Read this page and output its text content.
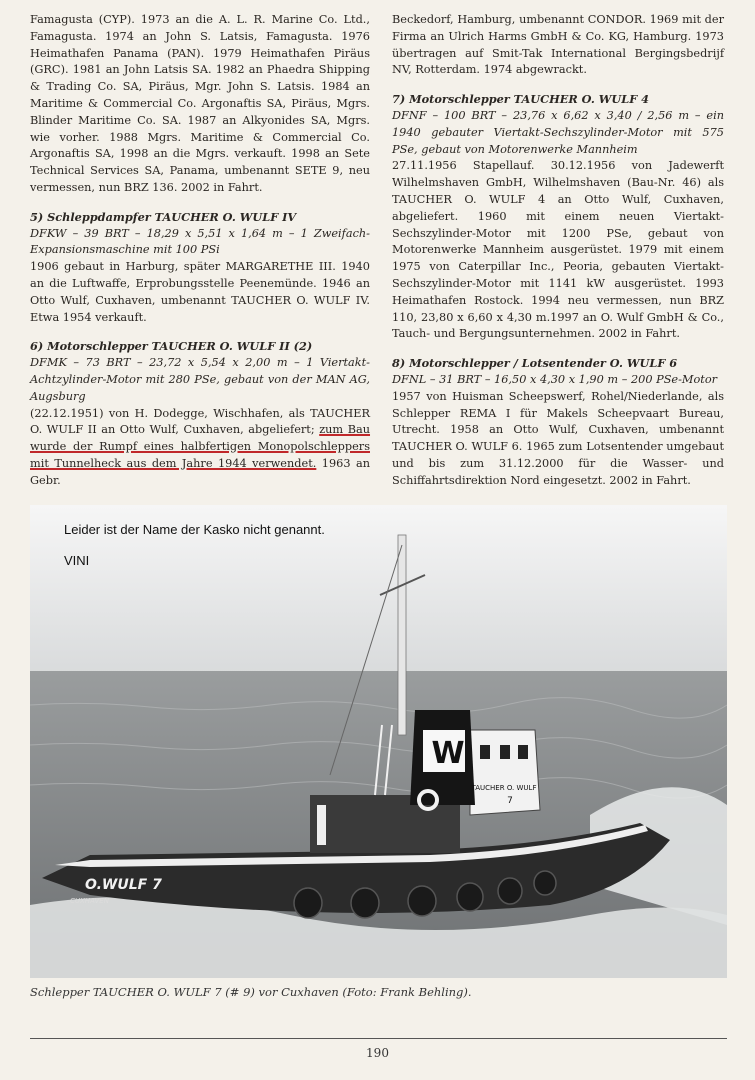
Famagusta (CYP). 1973 an die A. L. R. Marine Co. Ltd., Famagusta. 1974 an John S. Latsis, Famagusta. 1976 Heimathafen Panama (PAN). 1979 Heimathafen Piräus (GRC). 1981 an John Latsis SA. 1982 an Phaedra Shipping & Trading Co. SA, Piräus, Mgr. John S. Latsis. 1984 an Maritime & Commercial Co. Argonaftis SA, Piräus, Mgrs. Blinder Maritime Co. SA. 1987 an Alkyonides SA, Mgrs. wie vorher. 1988 Mgrs. Maritime & Commercial Co. Argonaftis SA, 1998 an die Mgrs. verkauft. 1998 an Sete Technical Services SA, Panama, umbenannt SETE 9, neu vermessen, nun BRZ 136. 2002 in Fahrt.

5) Schleppdampfer TAUCHER O. WULF IV

DFKW – 39 BRT – 18,29 x 5,51 x 1,64 m – 1 Zweifach-Expansionsmaschine mit 100 PSi

1906 gebaut in Harburg, später MARGARETHE III. 1940 an die Luftwaffe, Erprobungsstelle Peenemünde. 1946 an Otto Wulf, Cuxhaven, umbenannt TAUCHER O. WULF IV. Etwa 1954 verkauft.

6) Motorschlepper TAUCHER O. WULF II (2)

DFMK – 73 BRT – 23,72 x 5,54 x 2,00 m – 1 Viertakt-Achtzylinder-Motor mit 280 PSe, gebaut von der MAN AG, Augsburg

(22.12.1951) von H. Dodegge, Wischhafen, als TAUCHER O. WULF II an Otto Wulf, Cuxhaven, abgeliefert; zum Bau wurde der Rumpf eines halbfertigen Monopolschleppers mit Tunnelheck aus dem Jahre 1944 verwendet. 1963 an Gebr.

Beckedorf, Hamburg, umbenannt CONDOR. 1969 mit der Firma an Ulrich Harms GmbH & Co. KG, Hamburg. 1973 übertragen auf Smit-Tak International Bergingsbedrijf NV, Rotterdam. 1974 abgewrackt.

7) Motorschlepper TAUCHER O. WULF 4

DFNF – 100 BRT – 23,76 x 6,62 x 3,40 / 2,56 m – ein 1940 gebauter Viertakt-Sechszylinder-Motor mit 575 PSe, gebaut von Motorenwerke Mannheim

27.11.1956 Stapellauf. 30.12.1956 von Jadewerft Wilhelmshaven GmbH, Wilhelmshaven (Bau-Nr. 46) als TAUCHER O. WULF 4 an Otto Wulf, Cuxhaven, abgeliefert. 1960 mit einem neuen Viertakt-Sechszylinder-Motor mit 1200 PSe, gebaut von Motorenwerke Mannheim ausgerüstet. 1979 mit einem 1975 von Caterpillar Inc., Peoria, gebauten Viertakt-Sechszylinder-Motor mit 1141 kW ausgerüstet. 1993 Heimathafen Rostock. 1994 neu vermessen, nun BRZ 110, 23,80 x 6,60 x 4,30 m.1997 an O. Wulf GmbH & Co., Tauch- und Bergungsunternehmen. 2002 in Fahrt.

8) Motorschlepper / Lotsentender O. WULF 6

DFNL – 31 BRT – 16,50 x 4,30 x 1,90 m – 200 PSe-Motor

1957 von Huisman Scheepswerf, Rohel/Niederlande, als Schlepper REMA I für Makels Scheepvaart Bureau, Utrecht. 1958 an Otto Wulf, Cuxhaven, umbenannt TAUCHER O. WULF 6. 1965 zum Lotsentender umgebaut und bis zum 31.12.2000 für die Wasser- und Schiffahrtsdirektion Nord eingesetzt. 2002 in Fahrt.

Leider ist der Name der Kasko nicht genannt.
VINI
W
O.WULF 7
CUXHAVEN
TAUCHER O. WULF
7
Schlepper TAUCHER O. WULF 7 (# 9) vor Cuxhaven (Foto: Frank Behling).
190
